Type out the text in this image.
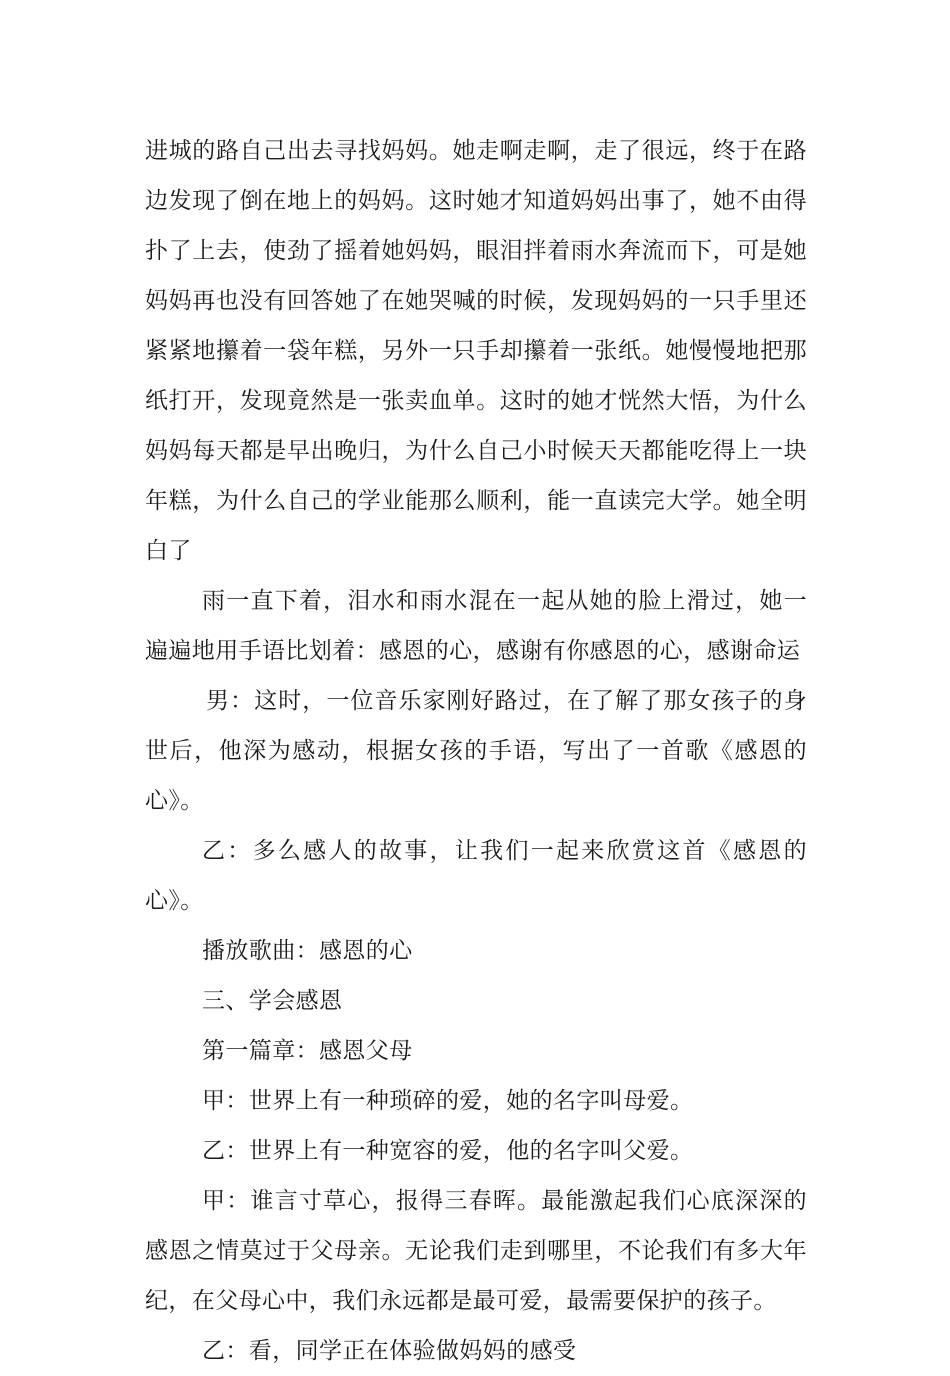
进城的路自己出去寻找妈妈。她走啊走啊，走了很远，终于在路边发现了倒在地上的妈妈。这时她才知道妈妈出事了，她不由得扑了上去，使劲了摇着她妈妈，眼泪拌着雨水奔流而下，可是她妈妈再也没有回答她了在她哭喊的时候，发现妈妈的一只手里还紧紧地攥着一袋年糕，另外一只手却攥着一张纸。她慢慢地把那纸打开，发现竟然是一张卖血单。这时的她才恍然大悟，为什么妈妈每天都是早出晚归，为什么自己小时候天天都能吃得上一块年糕，为什么自己的学业能那么顺利，能一直读完大学。她全明白了

雨一直下着，泪水和雨水混在一起从她的脸上滑过，她一遍遍地用手语比划着：感恩的心，感谢有你感恩的心，感谢命运

男：这时，一位音乐家刚好路过，在了解了那女孩子的身世后，他深为感动，根据女孩的手语，写出了一首歌《感恩的心》。

乙：多么感人的故事，让我们一起来欣赏这首《感恩的心》。

播放歌曲：感恩的心

三、学会感恩

第一篇章：感恩父母

甲：世界上有一种琐碎的爱，她的名字叫母爱。

乙：世界上有一种宽容的爱，他的名字叫父爱。

甲：谁言寸草心，报得三春晖。最能激起我们心底深深的感恩之情莫过于父母亲。无论我们走到哪里，不论我们有多大年纪，在父母心中，我们永远都是最可爱，最需要保护的孩子。

乙：看，同学正在体验做妈妈的感受
